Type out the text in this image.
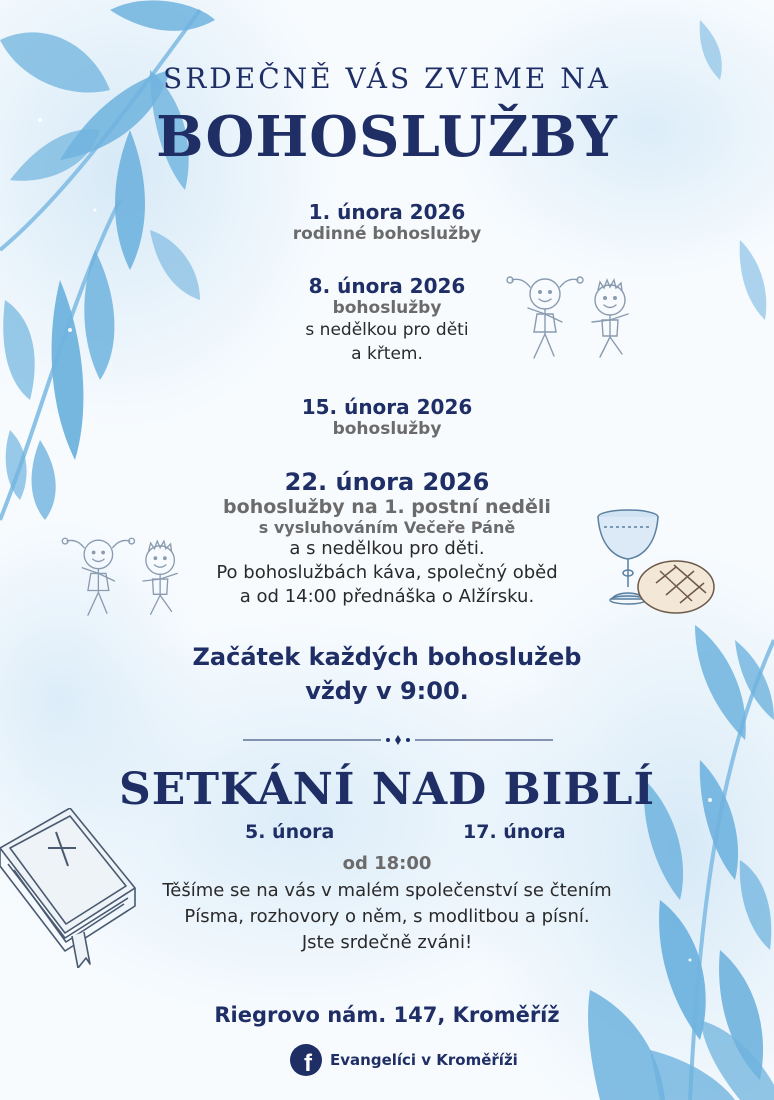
SRDEČNĚ VÁS ZVEME NA
BOHOSLUŽBY
1. února 2026
rodinné bohoslužby
8. února 2026
bohoslužby
s nedělkou pro děti
a křtem.
15. února 2026
bohoslužby
22. února 2026
bohoslužby na 1. postní neděli
s vysluhováním Večeře Páně
a s nedělkou pro děti.
Po bohoslužbách káva, společný oběd
a od 14:00 přednáška o Alžírsku.
Začátek každých bohoslužeb
vždy v 9:00.
SETKÁNÍ NAD BIBLÍ
5. února	17. února
od 18:00
Těšíme se na vás v malém společenství se čtením
Písma, rozhovory o něm, s modlitbou a písní.
Jste srdečně zváni!
Riegrovo nám. 147, Kroměříž
f Evangelíci v Kroměříži
